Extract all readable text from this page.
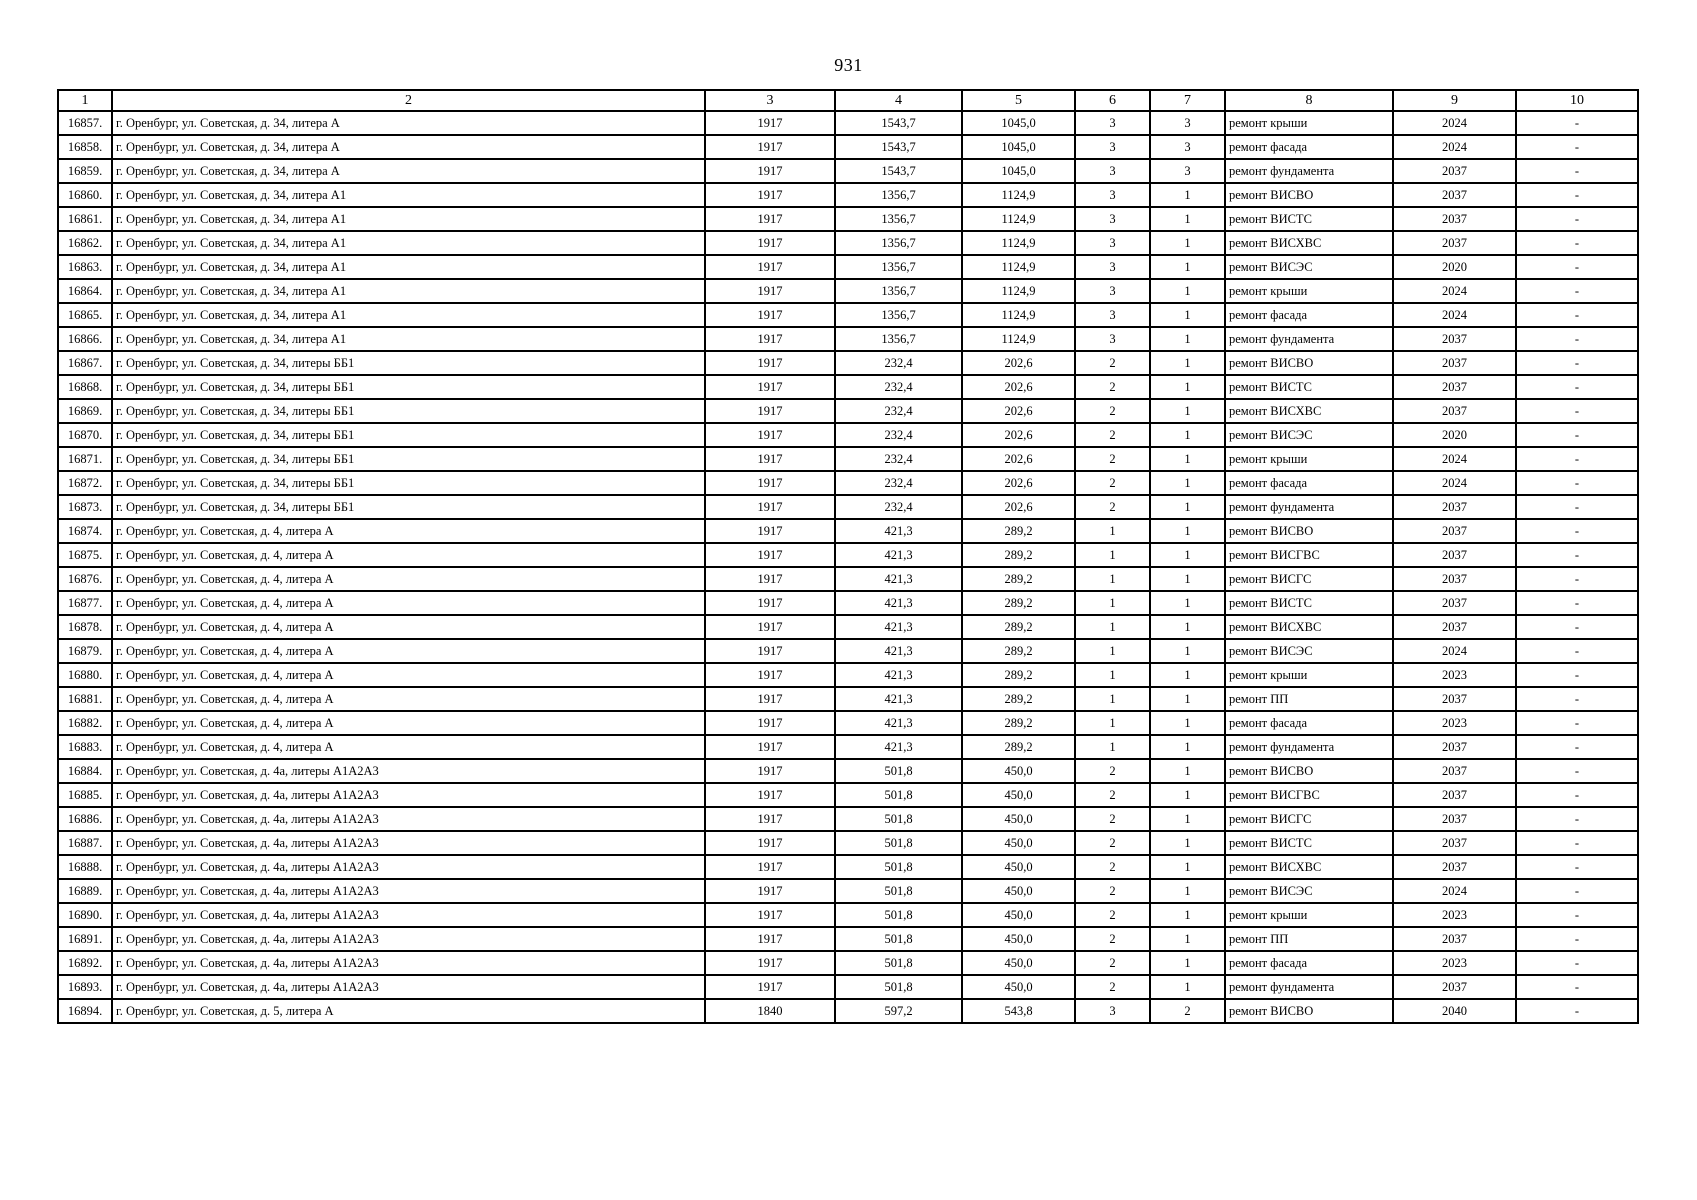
931
1	2	3	4	5	6	7	8	9	10
16857.	г. Оренбург, ул. Советская, д. 34, литера А	1917	1543,7	1045,0	3	3	ремонт крыши	2024	-
16858.	г. Оренбург, ул. Советская, д. 34, литера А	1917	1543,7	1045,0	3	3	ремонт фасада	2024	-
16859.	г. Оренбург, ул. Советская, д. 34, литера А	1917	1543,7	1045,0	3	3	ремонт фундамента	2037	-
16860.	г. Оренбург, ул. Советская, д. 34, литера А1	1917	1356,7	1124,9	3	1	ремонт ВИСВО	2037	-
16861.	г. Оренбург, ул. Советская, д. 34, литера А1	1917	1356,7	1124,9	3	1	ремонт ВИСТС	2037	-
16862.	г. Оренбург, ул. Советская, д. 34, литера А1	1917	1356,7	1124,9	3	1	ремонт ВИСХВС	2037	-
16863.	г. Оренбург, ул. Советская, д. 34, литера А1	1917	1356,7	1124,9	3	1	ремонт ВИСЭС	2020	-
16864.	г. Оренбург, ул. Советская, д. 34, литера А1	1917	1356,7	1124,9	3	1	ремонт крыши	2024	-
16865.	г. Оренбург, ул. Советская, д. 34, литера А1	1917	1356,7	1124,9	3	1	ремонт фасада	2024	-
16866.	г. Оренбург, ул. Советская, д. 34, литера А1	1917	1356,7	1124,9	3	1	ремонт фундамента	2037	-
16867.	г. Оренбург, ул. Советская, д. 34, литеры ББ1	1917	232,4	202,6	2	1	ремонт ВИСВО	2037	-
16868.	г. Оренбург, ул. Советская, д. 34, литеры ББ1	1917	232,4	202,6	2	1	ремонт ВИСТС	2037	-
16869.	г. Оренбург, ул. Советская, д. 34, литеры ББ1	1917	232,4	202,6	2	1	ремонт ВИСХВС	2037	-
16870.	г. Оренбург, ул. Советская, д. 34, литеры ББ1	1917	232,4	202,6	2	1	ремонт ВИСЭС	2020	-
16871.	г. Оренбург, ул. Советская, д. 34, литеры ББ1	1917	232,4	202,6	2	1	ремонт крыши	2024	-
16872.	г. Оренбург, ул. Советская, д. 34, литеры ББ1	1917	232,4	202,6	2	1	ремонт фасада	2024	-
16873.	г. Оренбург, ул. Советская, д. 34, литеры ББ1	1917	232,4	202,6	2	1	ремонт фундамента	2037	-
16874.	г. Оренбург, ул. Советская, д. 4, литера А	1917	421,3	289,2	1	1	ремонт ВИСВО	2037	-
16875.	г. Оренбург, ул. Советская, д. 4, литера А	1917	421,3	289,2	1	1	ремонт ВИСГВС	2037	-
16876.	г. Оренбург, ул. Советская, д. 4, литера А	1917	421,3	289,2	1	1	ремонт ВИСГС	2037	-
16877.	г. Оренбург, ул. Советская, д. 4, литера А	1917	421,3	289,2	1	1	ремонт ВИСТС	2037	-
16878.	г. Оренбург, ул. Советская, д. 4, литера А	1917	421,3	289,2	1	1	ремонт ВИСХВС	2037	-
16879.	г. Оренбург, ул. Советская, д. 4, литера А	1917	421,3	289,2	1	1	ремонт ВИСЭС	2024	-
16880.	г. Оренбург, ул. Советская, д. 4, литера А	1917	421,3	289,2	1	1	ремонт крыши	2023	-
16881.	г. Оренбург, ул. Советская, д. 4, литера А	1917	421,3	289,2	1	1	ремонт ПП	2037	-
16882.	г. Оренбург, ул. Советская, д. 4, литера А	1917	421,3	289,2	1	1	ремонт фасада	2023	-
16883.	г. Оренбург, ул. Советская, д. 4, литера А	1917	421,3	289,2	1	1	ремонт фундамента	2037	-
16884.	г. Оренбург, ул. Советская, д. 4а, литеры А1А2А3	1917	501,8	450,0	2	1	ремонт ВИСВО	2037	-
16885.	г. Оренбург, ул. Советская, д. 4а, литеры А1А2А3	1917	501,8	450,0	2	1	ремонт ВИСГВС	2037	-
16886.	г. Оренбург, ул. Советская, д. 4а, литеры А1А2А3	1917	501,8	450,0	2	1	ремонт ВИСГС	2037	-
16887.	г. Оренбург, ул. Советская, д. 4а, литеры А1А2А3	1917	501,8	450,0	2	1	ремонт ВИСТС	2037	-
16888.	г. Оренбург, ул. Советская, д. 4а, литеры А1А2А3	1917	501,8	450,0	2	1	ремонт ВИСХВС	2037	-
16889.	г. Оренбург, ул. Советская, д. 4а, литеры А1А2А3	1917	501,8	450,0	2	1	ремонт ВИСЭС	2024	-
16890.	г. Оренбург, ул. Советская, д. 4а, литеры А1А2А3	1917	501,8	450,0	2	1	ремонт крыши	2023	-
16891.	г. Оренбург, ул. Советская, д. 4а, литеры А1А2А3	1917	501,8	450,0	2	1	ремонт ПП	2037	-
16892.	г. Оренбург, ул. Советская, д. 4а, литеры А1А2А3	1917	501,8	450,0	2	1	ремонт фасада	2023	-
16893.	г. Оренбург, ул. Советская, д. 4а, литеры А1А2А3	1917	501,8	450,0	2	1	ремонт фундамента	2037	-
16894.	г. Оренбург, ул. Советская, д. 5, литера А	1840	597,2	543,8	3	2	ремонт ВИСВО	2040	-
